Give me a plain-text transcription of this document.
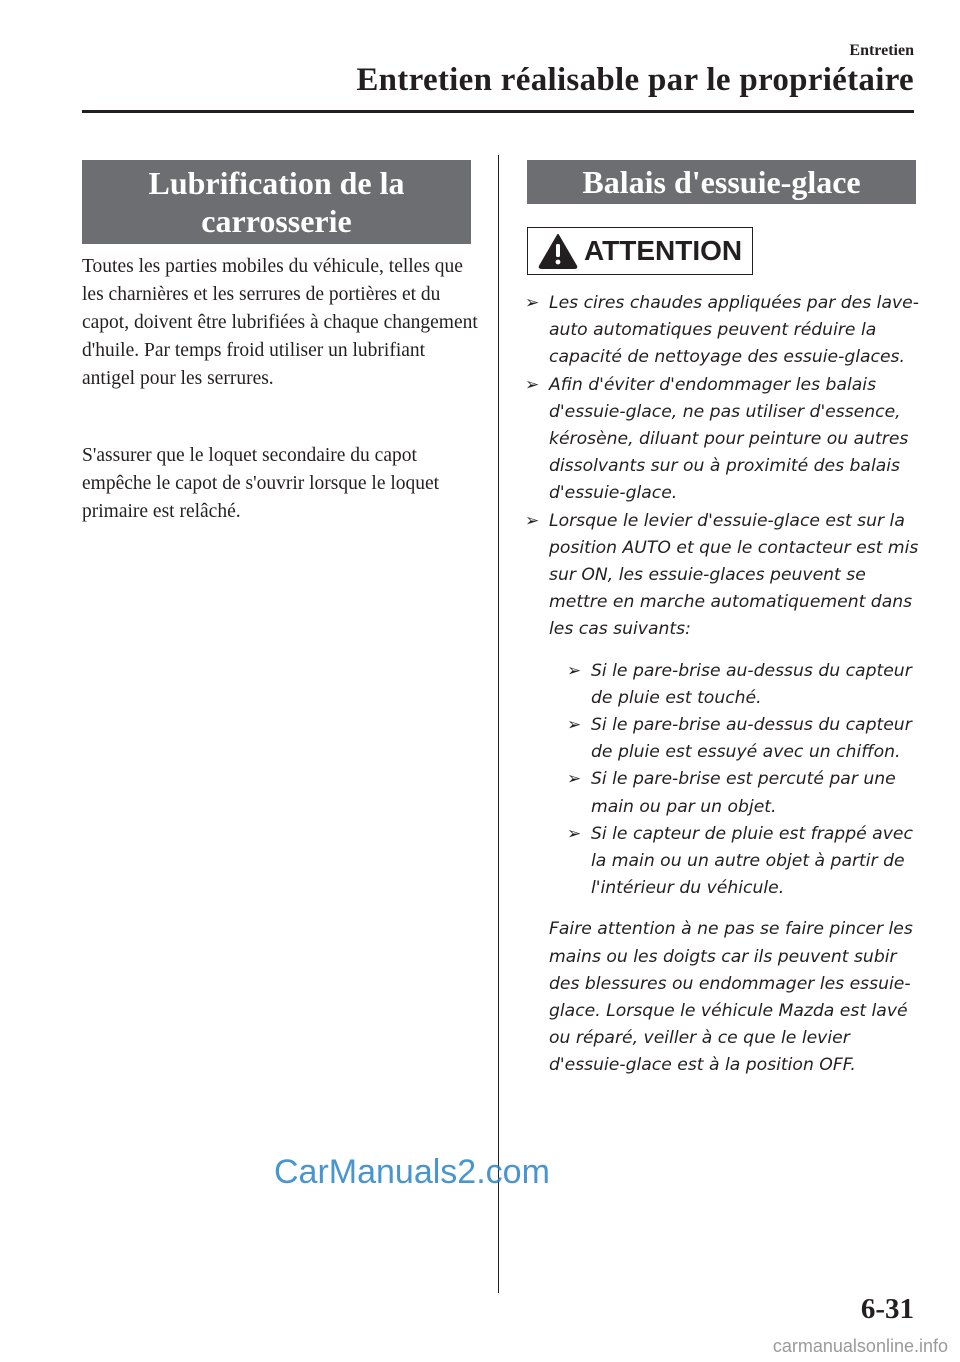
Entretien
Entretien réalisable par le propriétaire
Lubrification de la carrosserie

Toutes les parties mobiles du véhicule, telles que les charnières et les serrures de portières et du capot, doivent être lubrifiées à chaque changement d'huile. Par temps froid utiliser un lubrifiant antigel pour les serrures.

S'assurer que le loquet secondaire du capot empêche le capot de s'ouvrir lorsque le loquet primaire est relâché.

Balais d'essuie-glace
ATTENTION
➢ Les cires chaudes appliquées par des lave-auto automatiques peuvent réduire la capacité de nettoyage des essuie-glaces.
➢ Afin d'éviter d'endommager les balais d'essuie-glace, ne pas utiliser d'essence, kérosène, diluant pour peinture ou autres dissolvants sur ou à proximité des balais d'essuie-glace.
➢ Lorsque le levier d'essuie-glace est sur la position AUTO et que le contacteur est mis sur ON, les essuie-glaces peuvent se mettre en marche automatiquement dans les cas suivants:
➢ Si le pare-brise au-dessus du capteur de pluie est touché.
➢ Si le pare-brise au-dessus du capteur de pluie est essuyé avec un chiffon.
➢ Si le pare-brise est percuté par une main ou par un objet.
➢ Si le capteur de pluie est frappé avec la main ou un autre objet à partir de l'intérieur du véhicule.

Faire attention à ne pas se faire pincer les mains ou les doigts car ils peuvent subir des blessures ou endommager les essuie-glace. Lorsque le véhicule Mazda est lavé ou réparé, veiller à ce que le levier d'essuie-glace est à la position OFF.

CarManuals2.com
6-31
carmanualsonline.info
